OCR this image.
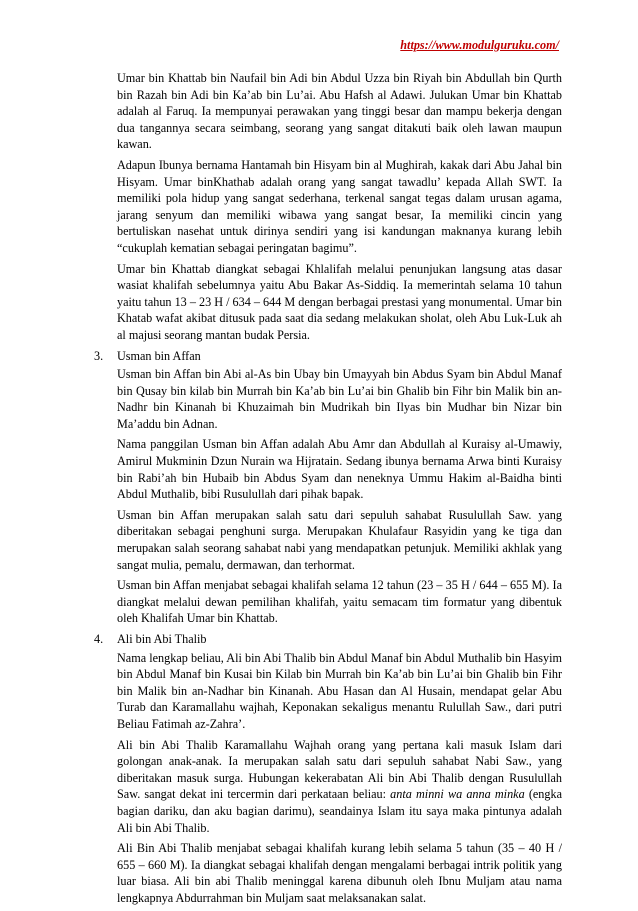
https://www.modulguruku.com/

Umar bin Khattab bin Naufail bin Adi bin Abdul Uzza bin Riyah bin Abdullah bin Qurth bin Razah bin Adi bin Ka’ab bin Lu’ai. Abu Hafsh al Adawi. Julukan Umar bin Khattab adalah al Faruq. Ia mempunyai perawakan yang tinggi besar dan mampu bekerja dengan dua tangannya secara seimbang, seorang yang sangat ditakuti baik oleh lawan maupun kawan.

Adapun Ibunya bernama Hantamah bin Hisyam bin al Mughirah, kakak dari Abu Jahal bin Hisyam. Umar binKhathab adalah orang yang sangat tawadlu’ kepada Allah SWT. Ia memiliki pola hidup yang sangat sederhana, terkenal sangat tegas dalam urusan agama, jarang senyum dan memiliki wibawa yang sangat besar, Ia memiliki cincin yang bertuliskan nasehat untuk dirinya sendiri yang isi kandungan maknanya kurang lebih “cukuplah kematian sebagai peringatan bagimu”.

Umar bin Khattab diangkat sebagai Khlalifah melalui penunjukan langsung atas dasar wasiat khalifah sebelumnya yaitu Abu Bakar As-Siddiq. Ia memerintah selama 10 tahun yaitu tahun 13 – 23 H / 634 – 644 M dengan berbagai prestasi yang monumental. Umar bin Khatab wafat akibat ditusuk pada saat dia sedang melakukan sholat, oleh Abu Luk-Luk ah al majusi seorang mantan budak Persia.

3.	Usman bin Affan

Usman bin Affan bin Abi al-As bin Ubay bin Umayyah bin Abdus Syam bin Abdul Manaf bin Qusay bin kilab bin Murrah bin Ka’ab bin Lu’ai bin Ghalib bin Fihr bin Malik bin an-Nadhr bin Kinanah bi Khuzaimah bin Mudrikah bin Ilyas bin Mudhar bin Nizar bin Ma’addu bin Adnan.

Nama panggilan Usman bin Affan adalah Abu Amr dan Abdullah al Kuraisy al-Umawiy, Amirul Mukminin Dzun Nurain wa Hijratain. Sedang ibunya bernama Arwa binti Kuraisy bin Rabi’ah bin Hubaib bin Abdus Syam dan neneknya Ummu Hakim al-Baidha binti Abdul Muthalib, bibi Rusulullah dari pihak bapak.

Usman bin Affan merupakan salah satu dari sepuluh sahabat Rusulullah Saw. yang diberitakan sebagai penghuni surga. Merupakan Khulafaur Rasyidin yang ke tiga dan merupakan salah seorang sahabat nabi yang mendapatkan petunjuk. Memiliki akhlak yang sangat mulia, pemalu, dermawan, dan terhormat.

Usman bin Affan menjabat sebagai khalifah selama 12 tahun (23 – 35 H / 644 – 655 M). Ia diangkat melalui dewan pemilihan khalifah, yaitu semacam tim formatur yang dibentuk oleh Khalifah Umar bin Khattab.

4.	Ali bin Abi Thalib

Nama lengkap beliau, Ali bin Abi Thalib bin Abdul Manaf bin Abdul Muthalib bin Hasyim bin Abdul Manaf bin Kusai bin Kilab bin Murrah bin Ka’ab bin Lu’ai bin Ghalib bin Fihr bin Malik bin an-Nadhar bin Kinanah. Abu Hasan dan Al Husain, mendapat gelar Abu Turab dan Karamallahu wajhah, Keponakan sekaligus menantu Rulullah Saw., dari putri Beliau Fatimah az-Zahra’.

Ali bin Abi Thalib Karamallahu Wajhah orang yang pertana kali masuk Islam dari golongan anak-anak. Ia merupakan salah satu dari sepuluh sahabat Nabi Saw., yang diberitakan masuk surga. Hubungan kekerabatan Ali bin Abi Thalib dengan Rusulullah Saw. sangat dekat ini tercermin dari perkataan beliau: anta minni wa anna minka (engka bagian dariku, dan aku bagian darimu), seandainya Islam itu saya maka pintunya adalah Ali bin Abi Thalib.

Ali Bin Abi Thalib menjabat sebagai khalifah kurang lebih selama 5 tahun (35 – 40 H / 655 – 660 M). Ia diangkat sebagai khalifah dengan mengalami berbagai intrik politik yang luar biasa. Ali bin abi Thalib meninggal karena dibunuh oleh Ibnu Muljam atau nama lengkapnya Abdurrahman bin Muljam saat melaksanakan salat.
